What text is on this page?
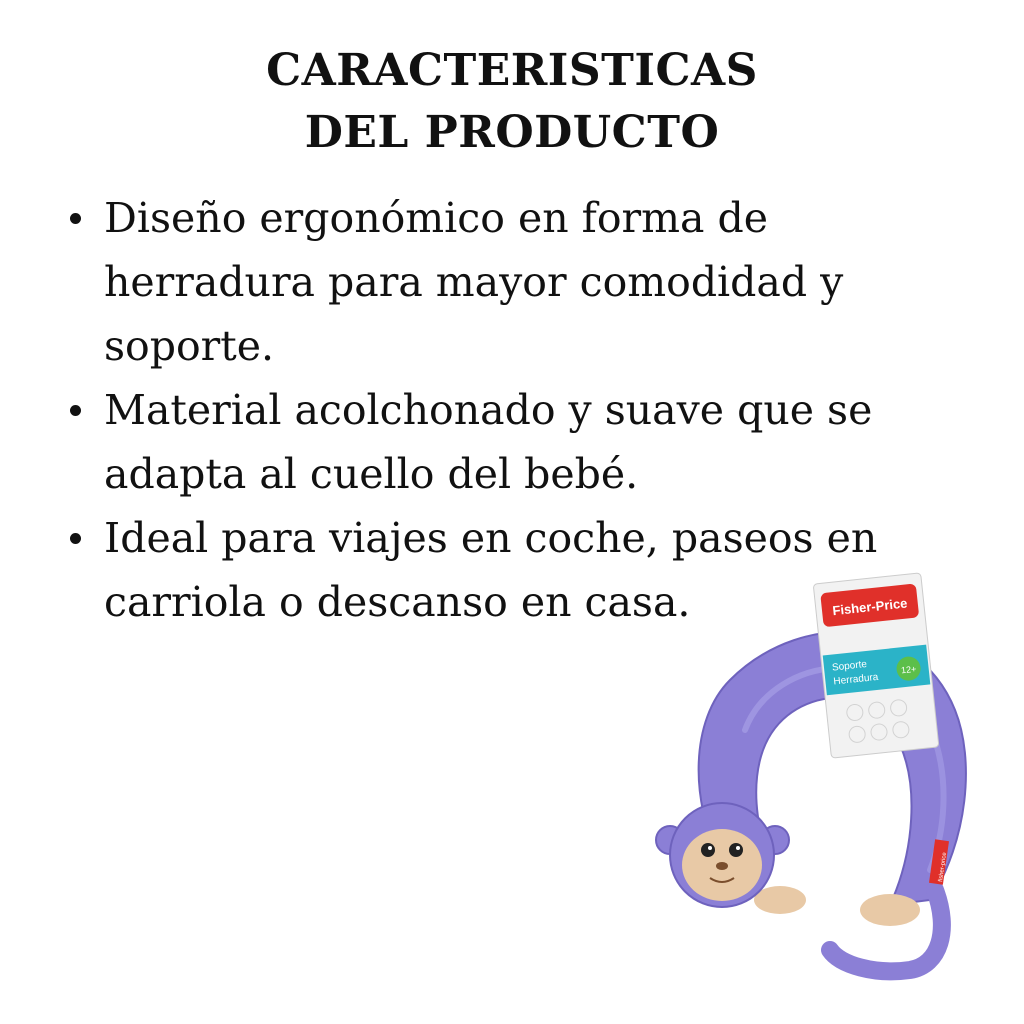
CARACTERISTICAS
DEL PRODUCTO
Diseño ergonómico en forma de herradura para mayor comodidad y soporte.
Material acolchonado y suave que se adapta al cuello del bebé.
Ideal para viajes en coche, paseos en carriola o descanso en casa.	Fisher-Price
Soporte
Herradura
12+
fisher-price
